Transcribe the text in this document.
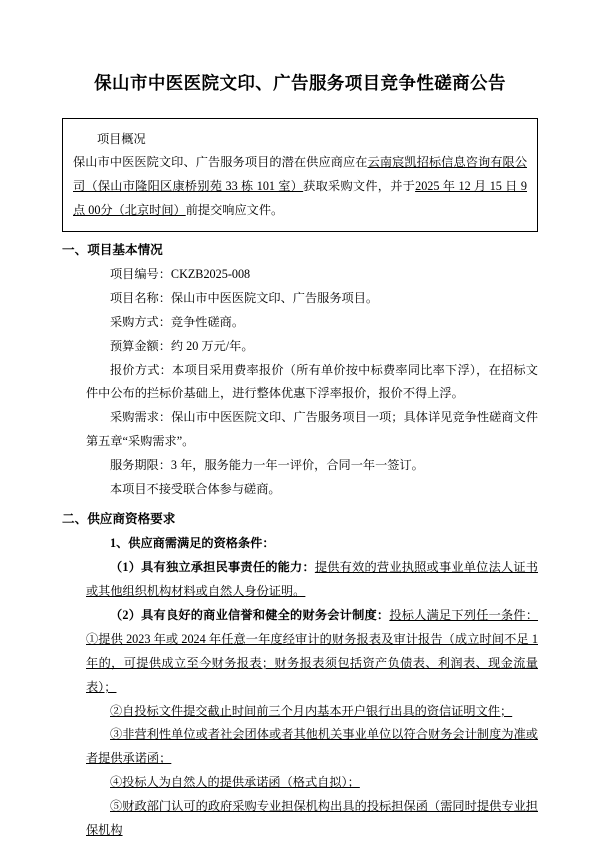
保山市中医医院文印、广告服务项目竞争性磋商公告
项目概况
保山市中医医院文印、广告服务项目的潜在供应商应在云南宸凯招标信息咨询有限公司（保山市隆阳区康桥别苑 33 栋 101 室）获取采购文件，并于2025 年 12 月 15 日 9 点 00分（北京时间）前提交响应文件。
一、项目基本情况

项目编号：CKZB2025-008

项目名称：保山市中医医院文印、广告服务项目。

采购方式：竞争性磋商。

预算金额：约 20 万元/年。

报价方式：本项目采用费率报价（所有单价按中标费率同比率下浮），在招标文件中公布的拦标价基础上，进行整体优惠下浮率报价，报价不得上浮。

采购需求：保山市中医医院文印、广告服务项目一项；具体详见竞争性磋商文件第五章“采购需求”。

服务期限：3 年，服务能力一年一评价，合同一年一签订。

本项目不接受联合体参与磋商。

二、供应商资格要求

1、供应商需满足的资格条件：

（1）具有独立承担民事责任的能力：提供有效的营业执照或事业单位法人证书或其他组织机构材料或自然人身份证明。

（2）具有良好的商业信誉和健全的财务会计制度：投标人满足下列任一条件：①提供 2023 年或 2024 年任意一年度经审计的财务报表及审计报告（成立时间不足 1 年的，可提供成立至今财务报表；财务报表须包括资产负债表、利润表、现金流量表）；

②自投标文件提交截止时间前三个月内基本开户银行出具的资信证明文件；

③非营利性单位或者社会团体或者其他机关事业单位以符合财务会计制度为准或者提供承诺函；

④投标人为自然人的提供承诺函（格式自拟）；

⑤财政部门认可的政府采购专业担保机构出具的投标担保函（需同时提供专业担保机构
